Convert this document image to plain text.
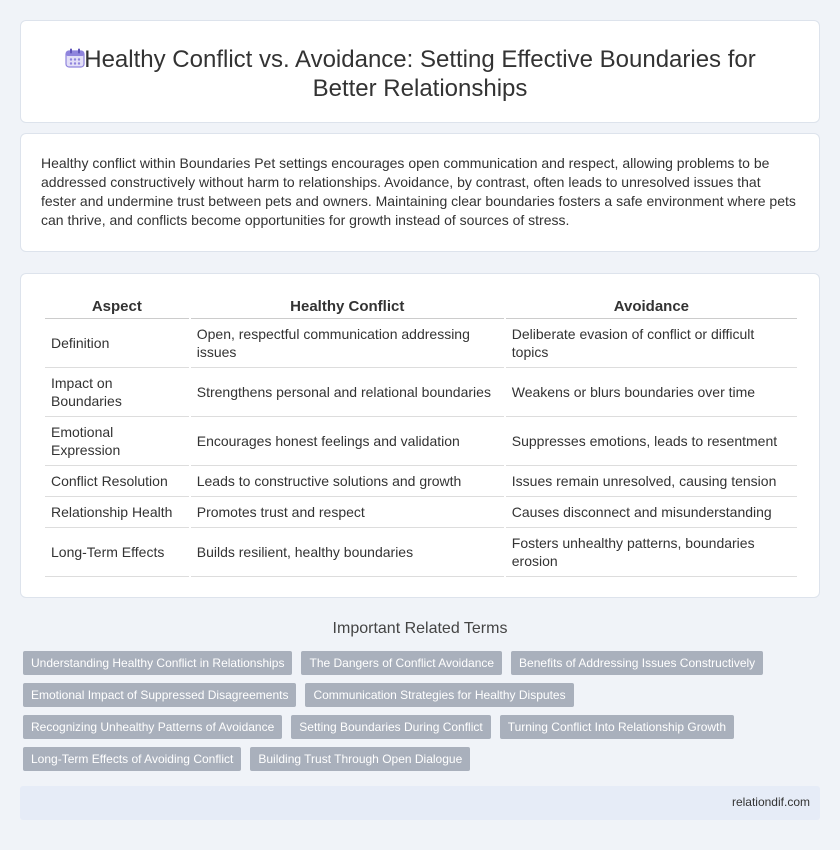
Healthy Conflict vs. Avoidance: Setting Effective Boundaries for Better Relationships

Healthy conflict within Boundaries Pet settings encourages open communication and respect, allowing problems to be addressed constructively without harm to relationships. Avoidance, by contrast, often leads to unresolved issues that fester and undermine trust between pets and owners. Maintaining clear boundaries fosters a safe environment where pets can thrive, and conflicts become opportunities for growth instead of sources of stress.

Aspect	Healthy Conflict	Avoidance
Definition	Open, respectful communication addressing issues	Deliberate evasion of conflict or difficult topics
Impact on Boundaries	Strengthens personal and relational boundaries	Weakens or blurs boundaries over time
Emotional Expression	Encourages honest feelings and validation	Suppresses emotions, leads to resentment
Conflict Resolution	Leads to constructive solutions and growth	Issues remain unresolved, causing tension
Relationship Health	Promotes trust and respect	Causes disconnect and misunderstanding
Long-Term Effects	Builds resilient, healthy boundaries	Fosters unhealthy patterns, boundaries erosion
Important Related Terms
Understanding Healthy Conflict in Relationships	The Dangers of Conflict Avoidance	Benefits of Addressing Issues Constructively
Emotional Impact of Suppressed Disagreements	Communication Strategies for Healthy Disputes
Recognizing Unhealthy Patterns of Avoidance	Setting Boundaries During Conflict	Turning Conflict Into Relationship Growth
Long-Term Effects of Avoiding Conflict	Building Trust Through Open Dialogue
relationdif.com
